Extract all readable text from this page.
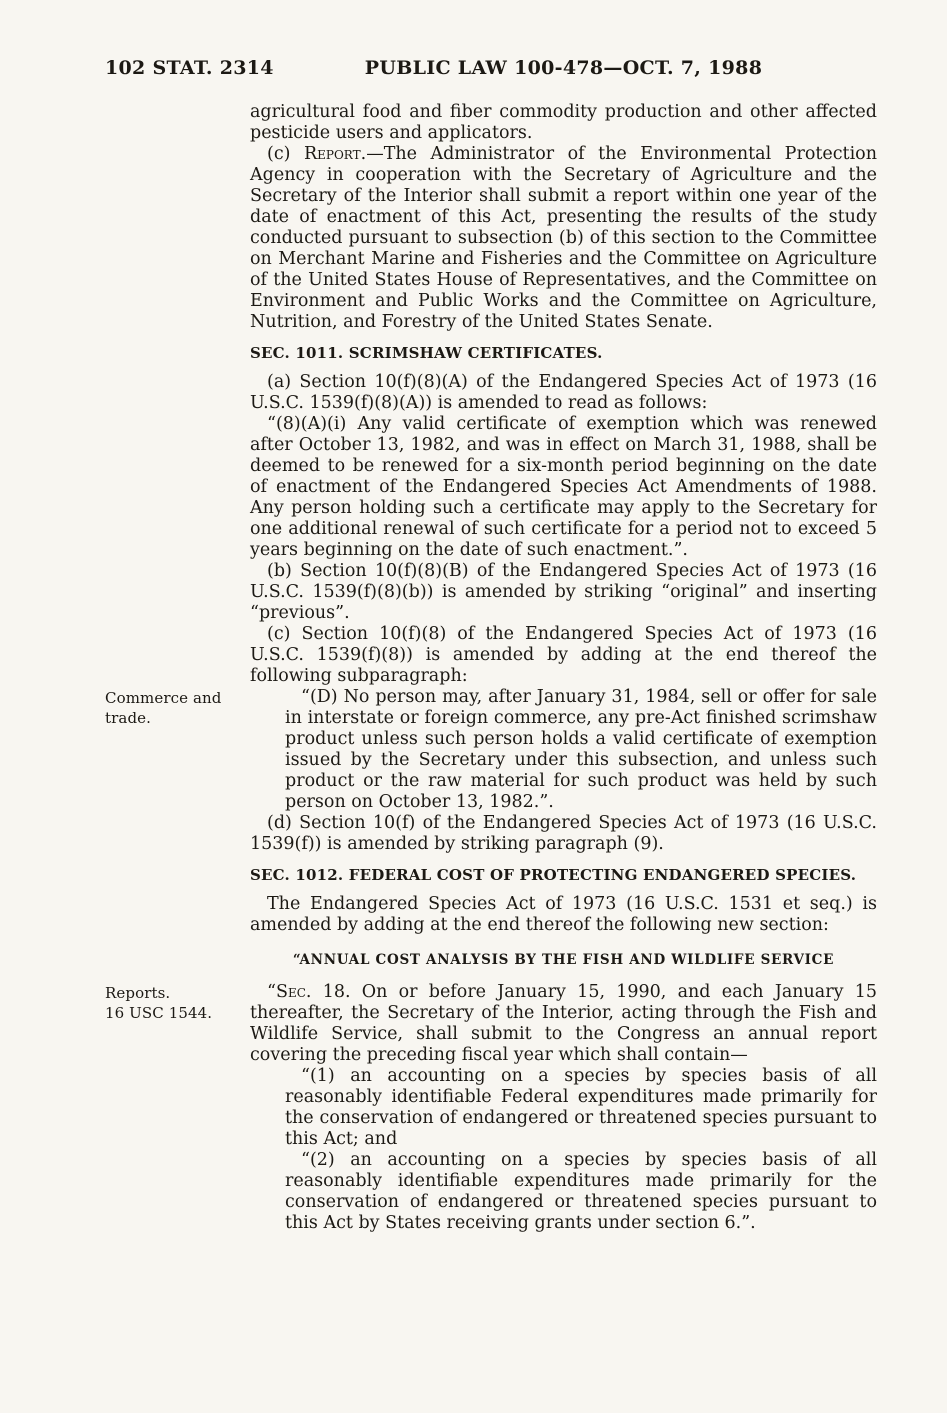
102 STAT. 2314	PUBLIC LAW 100-478—OCT. 7, 1988
agricultural food and fiber commodity production and other affected pesticide users and applicators.
(c) Report.—The Administrator of the Environmental Protection Agency in cooperation with the Secretary of Agriculture and the Secretary of the Interior shall submit a report within one year of the date of enactment of this Act, presenting the results of the study conducted pursuant to subsection (b) of this section to the Committee on Merchant Marine and Fisheries and the Committee on Agriculture of the United States House of Representatives, and the Committee on Environment and Public Works and the Committee on Agriculture, Nutrition, and Forestry of the United States Senate.
SEC. 1011. SCRIMSHAW CERTIFICATES.
(a) Section 10(f)(8)(A) of the Endangered Species Act of 1973 (16 U.S.C. 1539(f)(8)(A)) is amended to read as follows:
“(8)(A)(i) Any valid certificate of exemption which was renewed after October 13, 1982, and was in effect on March 31, 1988, shall be deemed to be renewed for a six-month period beginning on the date of enactment of the Endangered Species Act Amendments of 1988. Any person holding such a certificate may apply to the Secretary for one additional renewal of such certificate for a period not to exceed 5 years beginning on the date of such enactment.”.
(b) Section 10(f)(8)(B) of the Endangered Species Act of 1973 (16 U.S.C. 1539(f)(8)(b)) is amended by striking “original” and inserting “previous”.
(c) Section 10(f)(8) of the Endangered Species Act of 1973 (16 U.S.C. 1539(f)(8)) is amended by adding at the end thereof the following subparagraph:
“(D) No person may, after January 31, 1984, sell or offer for sale in interstate or foreign commerce, any pre-Act finished scrimshaw product unless such person holds a valid certificate of exemption issued by the Secretary under this subsection, and unless such product or the raw material for such product was held by such person on October 13, 1982.”.
Commerce and
trade.
(d) Section 10(f) of the Endangered Species Act of 1973 (16 U.S.C. 1539(f)) is amended by striking paragraph (9).
SEC. 1012. FEDERAL COST OF PROTECTING ENDANGERED SPECIES.
The Endangered Species Act of 1973 (16 U.S.C. 1531 et seq.) is amended by adding at the end thereof the following new section:
“ANNUAL COST ANALYSIS BY THE FISH AND WILDLIFE SERVICE
“Sec. 18. On or before January 15, 1990, and each January 15 thereafter, the Secretary of the Interior, acting through the Fish and Wildlife Service, shall submit to the Congress an annual report covering the preceding fiscal year which shall contain—
Reports.
16 USC 1544.
“(1) an accounting on a species by species basis of all reasonably identifiable Federal expenditures made primarily for the conservation of endangered or threatened species pursuant to this Act; and
“(2) an accounting on a species by species basis of all reasonably identifiable expenditures made primarily for the conservation of endangered or threatened species pursuant to this Act by States receiving grants under section 6.”.
